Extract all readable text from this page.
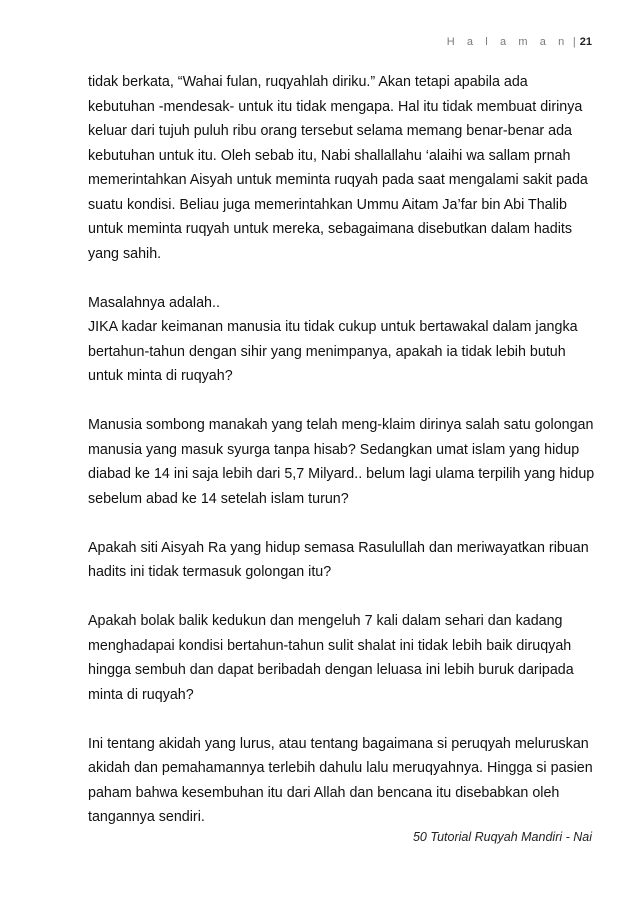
H a l a m a n | 21

tidak berkata, “Wahai fulan, ruqyahlah diriku.” Akan tetapi apabila ada kebutuhan -mendesak- untuk itu tidak mengapa. Hal itu tidak membuat dirinya keluar dari tujuh puluh ribu orang tersebut selama memang benar-benar ada kebutuhan untuk itu. Oleh sebab itu, Nabi shallallahu ‘alaihi wa sallam prnah memerintahkan Aisyah untuk meminta ruqyah pada saat mengalami sakit pada suatu kondisi. Beliau juga memerintahkan Ummu Aitam Ja’far bin Abi Thalib untuk meminta ruqyah untuk mereka, sebagaimana disebutkan dalam hadits yang sahih.

Masalahnya adalah..

JIKA kadar keimanan manusia itu tidak cukup untuk bertawakal dalam jangka bertahun-tahun dengan sihir yang menimpanya, apakah ia tidak lebih butuh untuk minta di ruqyah?

Manusia sombong manakah yang telah meng-klaim dirinya salah satu golongan manusia yang masuk syurga tanpa hisab? Sedangkan umat islam yang hidup diabad ke 14 ini saja lebih dari 5,7 Milyard.. belum lagi ulama terpilih yang hidup sebelum abad ke 14 setelah islam turun?

Apakah siti Aisyah Ra yang hidup semasa Rasulullah dan meriwayatkan ribuan hadits ini tidak termasuk golongan itu?

Apakah bolak balik kedukun dan mengeluh 7 kali dalam sehari dan kadang menghadapai kondisi bertahun-tahun sulit shalat ini tidak lebih baik diruqyah hingga sembuh dan dapat beribadah dengan leluasa ini lebih buruk daripada minta di ruqyah?

Ini tentang akidah yang lurus, atau tentang bagaimana si peruqyah meluruskan akidah dan pemahamannya terlebih dahulu lalu meruqyahnya. Hingga si pasien paham bahwa kesembuhan itu dari Allah dan bencana itu disebabkan oleh tangannya sendiri.

50 Tutorial Ruqyah Mandiri - Nai
